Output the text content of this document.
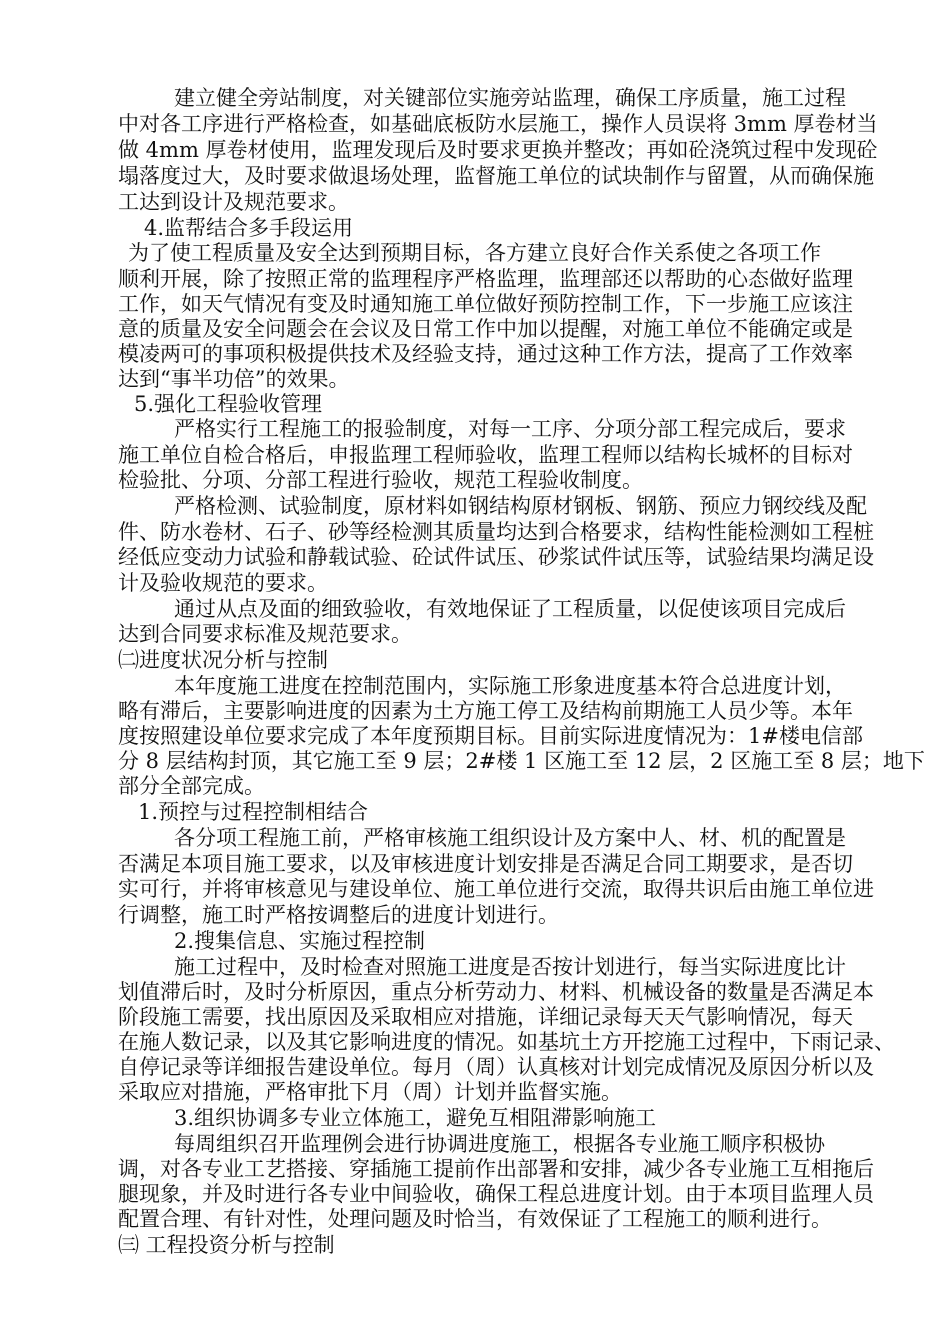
建立健全旁站制度，对关键部位实施旁站监理，确保工序质量，施工过程
中对各工序进行严格检查，如基础底板防水层施工，操作人员误将 3mm 厚卷材当
做 4mm 厚卷材使用，监理发现后及时要求更换并整改；再如砼浇筑过程中发现砼
塌落度过大，及时要求做退场处理，监督施工单位的试块制作与留置，从而确保施
工达到设计及规范要求。
4.监帮结合多手段运用
为了使工程质量及安全达到预期目标，各方建立良好合作关系使之各项工作
顺利开展，除了按照正常的监理程序严格监理，监理部还以帮助的心态做好监理
工作，如天气情况有变及时通知施工单位做好预防控制工作，下一步施工应该注
意的质量及安全问题会在会议及日常工作中加以提醒，对施工单位不能确定或是
模凌两可的事项积极提供技术及经验支持，通过这种工作方法，提高了工作效率
达到“事半功倍”的效果。
5.强化工程验收管理
严格实行工程施工的报验制度，对每一工序、分项分部工程完成后，要求
施工单位自检合格后，申报监理工程师验收，监理工程师以结构长城杯的目标对
检验批、分项、分部工程进行验收，规范工程验收制度。
严格检测、试验制度，原材料如钢结构原材钢板、钢筋、预应力钢绞线及配
件、防水卷材、石子、砂等经检测其质量均达到合格要求，结构性能检测如工程桩
经低应变动力试验和静载试验、砼试件试压、砂浆试件试压等，试验结果均满足设
计及验收规范的要求。
通过从点及面的细致验收，有效地保证了工程质量，以促使该项目完成后
达到合同要求标准及规范要求。
㈡进度状况分析与控制
本年度施工进度在控制范围内，实际施工形象进度基本符合总进度计划，
略有滞后，主要影响进度的因素为土方施工停工及结构前期施工人员少等。本年
度按照建设单位要求完成了本年度预期目标。目前实际进度情况为：1#楼电信部
分 8 层结构封顶，其它施工至 9 层；2#楼 1 区施工至 12 层，2 区施工至 8 层；地下
部分全部完成。
1.预控与过程控制相结合
各分项工程施工前，严格审核施工组织设计及方案中人、材、机的配置是
否满足本项目施工要求，以及审核进度计划安排是否满足合同工期要求，是否切
实可行，并将审核意见与建设单位、施工单位进行交流，取得共识后由施工单位进
行调整，施工时严格按调整后的进度计划进行。
2.搜集信息、实施过程控制
施工过程中，及时检查对照施工进度是否按计划进行，每当实际进度比计
划值滞后时，及时分析原因，重点分析劳动力、材料、机械设备的数量是否满足本
阶段施工需要，找出原因及采取相应对措施，详细记录每天天气影响情况，每天
在施人数记录，以及其它影响进度的情况。如基坑土方开挖施工过程中，下雨记录、
自停记录等详细报告建设单位。每月（周）认真核对计划完成情况及原因分析以及
采取应对措施，严格审批下月（周）计划并监督实施。
3.组织协调多专业立体施工，避免互相阻滞影响施工
每周组织召开监理例会进行协调进度施工，根据各专业施工顺序积极协
调，对各专业工艺搭接、穿插施工提前作出部署和安排，减少各专业施工互相拖后
腿现象，并及时进行各专业中间验收，确保工程总进度计划。由于本项目监理人员
配置合理、有针对性，处理问题及时恰当，有效保证了工程施工的顺利进行。
㈢ 工程投资分析与控制
